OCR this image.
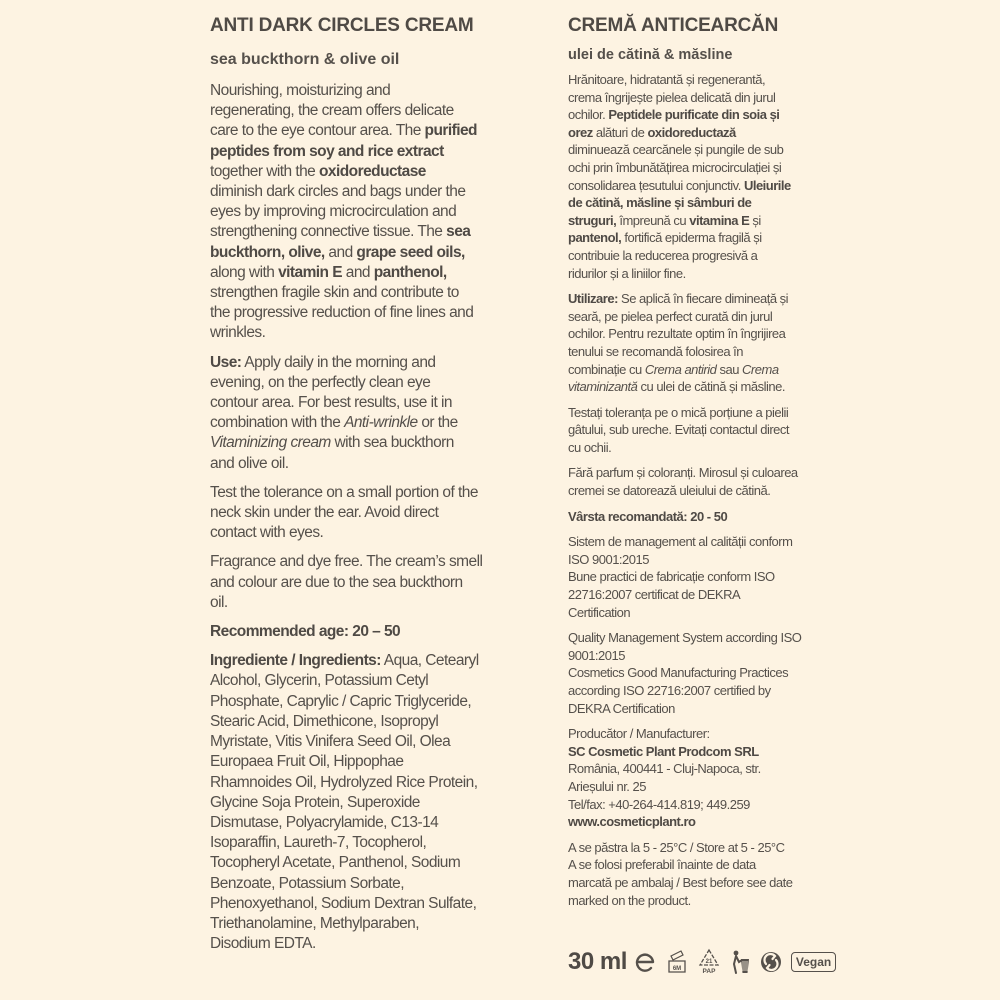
ANTI DARK CIRCLES CREAM
sea buckthorn & olive oil

Nourishing, moisturizing and
regenerating, the cream offers delicate
care to the eye contour area. The purified
peptides from soy and rice extract
together with the oxidoreductase
diminish dark circles and bags under the
eyes by improving microcirculation and
strengthening connective tissue. The sea
buckthorn, olive, and grape seed oils,
along with vitamin E and panthenol,
strengthen fragile skin and contribute to
the progressive reduction of fine lines and
wrinkles.

Use: Apply daily in the morning and
evening, on the perfectly clean eye
contour area. For best results, use it in
combination with the Anti-wrinkle or the
Vitaminizing cream with sea buckthorn
and olive oil.

Test the tolerance on a small portion of the
neck skin under the ear. Avoid direct
contact with eyes.

Fragrance and dye free. The cream’s smell
and colour are due to the sea buckthorn
oil.

Recommended age: 20 – 50

Ingrediente / Ingredients: Aqua, Cetearyl
Alcohol, Glycerin, Potassium Cetyl
Phosphate, Caprylic / Capric Triglyceride,
Stearic Acid, Dimethicone, Isopropyl
Myristate, Vitis Vinifera Seed Oil, Olea
Europaea Fruit Oil, Hippophae
Rhamnoides Oil, Hydrolyzed Rice Protein,
Glycine Soja Protein, Superoxide
Dismutase, Polyacrylamide, C13-14
Isoparaffin, Laureth-7, Tocopherol,
Tocopheryl Acetate, Panthenol, Sodium
Benzoate, Potassium Sorbate,
Phenoxyethanol, Sodium Dextran Sulfate,
Triethanolamine, Methylparaben,
Disodium EDTA.

CREMĂ ANTICEARCĂN
ulei de cătină & măsline

Hrănitoare, hidratantă și regenerantă,
crema îngrijește pielea delicată din jurul
ochilor. Peptidele purificate din soia și
orez alături de oxidoreductază
diminuează cearcănele și pungile de sub
ochi prin îmbunătățirea microcirculației și
consolidarea țesutului conjunctiv. Uleiurile
de cătină, măsline și sâmburi de
struguri, împreună cu vitamina E și
pantenol, fortifică epiderma fragilă și
contribuie la reducerea progresivă a
ridurilor și a liniilor fine.

Utilizare: Se aplică în fiecare dimineață și
seară, pe pielea perfect curată din jurul
ochilor. Pentru rezultate optim în îngrijirea
tenului se recomandă folosirea în
combinație cu Crema antirid sau Crema
vitaminizantă cu ulei de cătină și măsline.

Testați toleranța pe o mică porțiune a pielii
gâtului, sub ureche. Evitați contactul direct
cu ochii.

Fără parfum și coloranți. Mirosul și culoarea
cremei se datorează uleiului de cătină.

Vârsta recomandată: 20 - 50

Sistem de management al calității conform
ISO 9001:2015
Bune practici de fabricație conform ISO
22716:2007 certificat de DEKRA
Certification

Quality Management System according ISO
9001:2015
Cosmetics Good Manufacturing Practices
according ISO 22716:2007 certified by
DEKRA Certification

Producător / Manufacturer:
SC Cosmetic Plant Prodcom SRL
România, 400441 - Cluj-Napoca, str.
Arieșului nr. 25
Tel/fax: +40-264-414.819; 449.259
www.cosmeticplant.ro

A se păstra la 5 - 25°C / Store at 5 - 25°C
A se folosi preferabil înainte de data
marcată pe ambalaj / Best before see date
marked on the product.

30 ml	6M
21
PAP
Vegan
